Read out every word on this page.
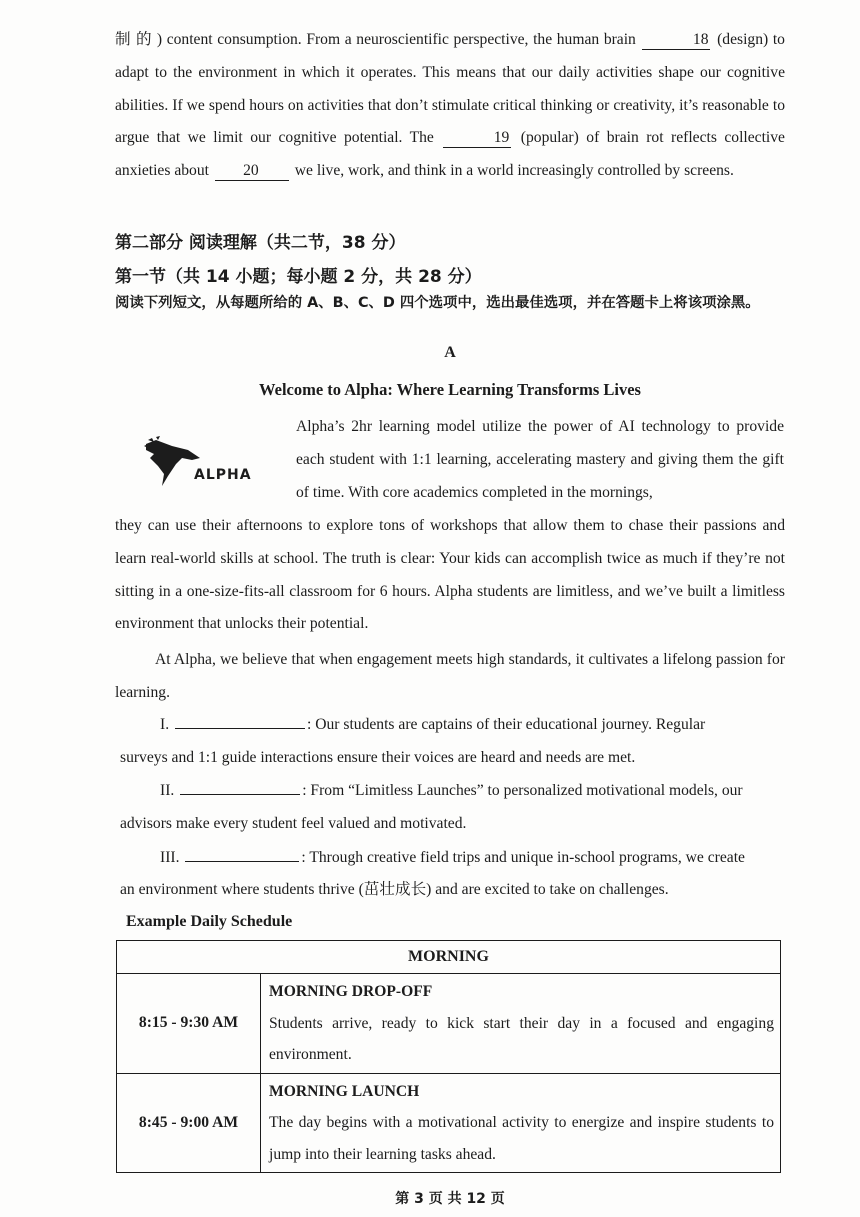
制 的 ) content consumption. From a neuroscientific perspective, the human brain	18 (design) to adapt to the environment in which it operates. This means that our daily activities shape our cognitive abilities. If we spend hours on activities that don’t stimulate critical thinking or creativity, it’s reasonable to argue that we limit our cognitive potential. The	19 (popular) of brain rot reflects collective anxieties about 20 we live, work, and think in a world increasingly controlled by screens.

第二部分 阅读理解（共二节，38 分）
第一节（共 14 小题；每小题 2 分，共 28 分）
阅读下列短文，从每题所给的 A、B、C、D 四个选项中，选出最佳选项，并在答题卡上将该项涂黑。
A
Welcome to Alpha: Where Learning Transforms Lives
ALPHA

Alpha’s 2hr learning model utilize the power of AI technology to provide each student with 1:1 learning, accelerating mastery and giving them the gift of time. With core academics completed in the mornings,

they can use their afternoons to explore tons of workshops that allow them to chase their passions and learn real-world skills at school. The truth is clear: Your kids can accomplish twice as much if they’re not sitting in a one-size-fits-all classroom for 6 hours. Alpha students are limitless, and we’ve built a limitless environment that unlocks their potential.

At Alpha, we believe that when engagement meets high standards, it cultivates a lifelong passion for learning.

I.	: Our students are captains of their educational journey. Regular

surveys and 1:1 guide interactions ensure their voices are heard and needs are met.

II.	: From “Limitless Launches” to personalized motivational models, our

advisors make every student feel valued and motivated.

III.	: Through creative field trips and unique in-school programs, we create

an environment where students thrive (茁壮成长) and are excited to take on challenges.

Example Daily Schedule
MORNING	
8:15 - 9:30 AM	MORNING DROP-OFF
Students arrive, ready to kick start their day in a focused and engaging environment.
8:45 - 9:00 AM	MORNING LAUNCH
The day begins with a motivational activity to energize and inspire students to jump into their learning tasks ahead.
第 3 页 共 12 页
